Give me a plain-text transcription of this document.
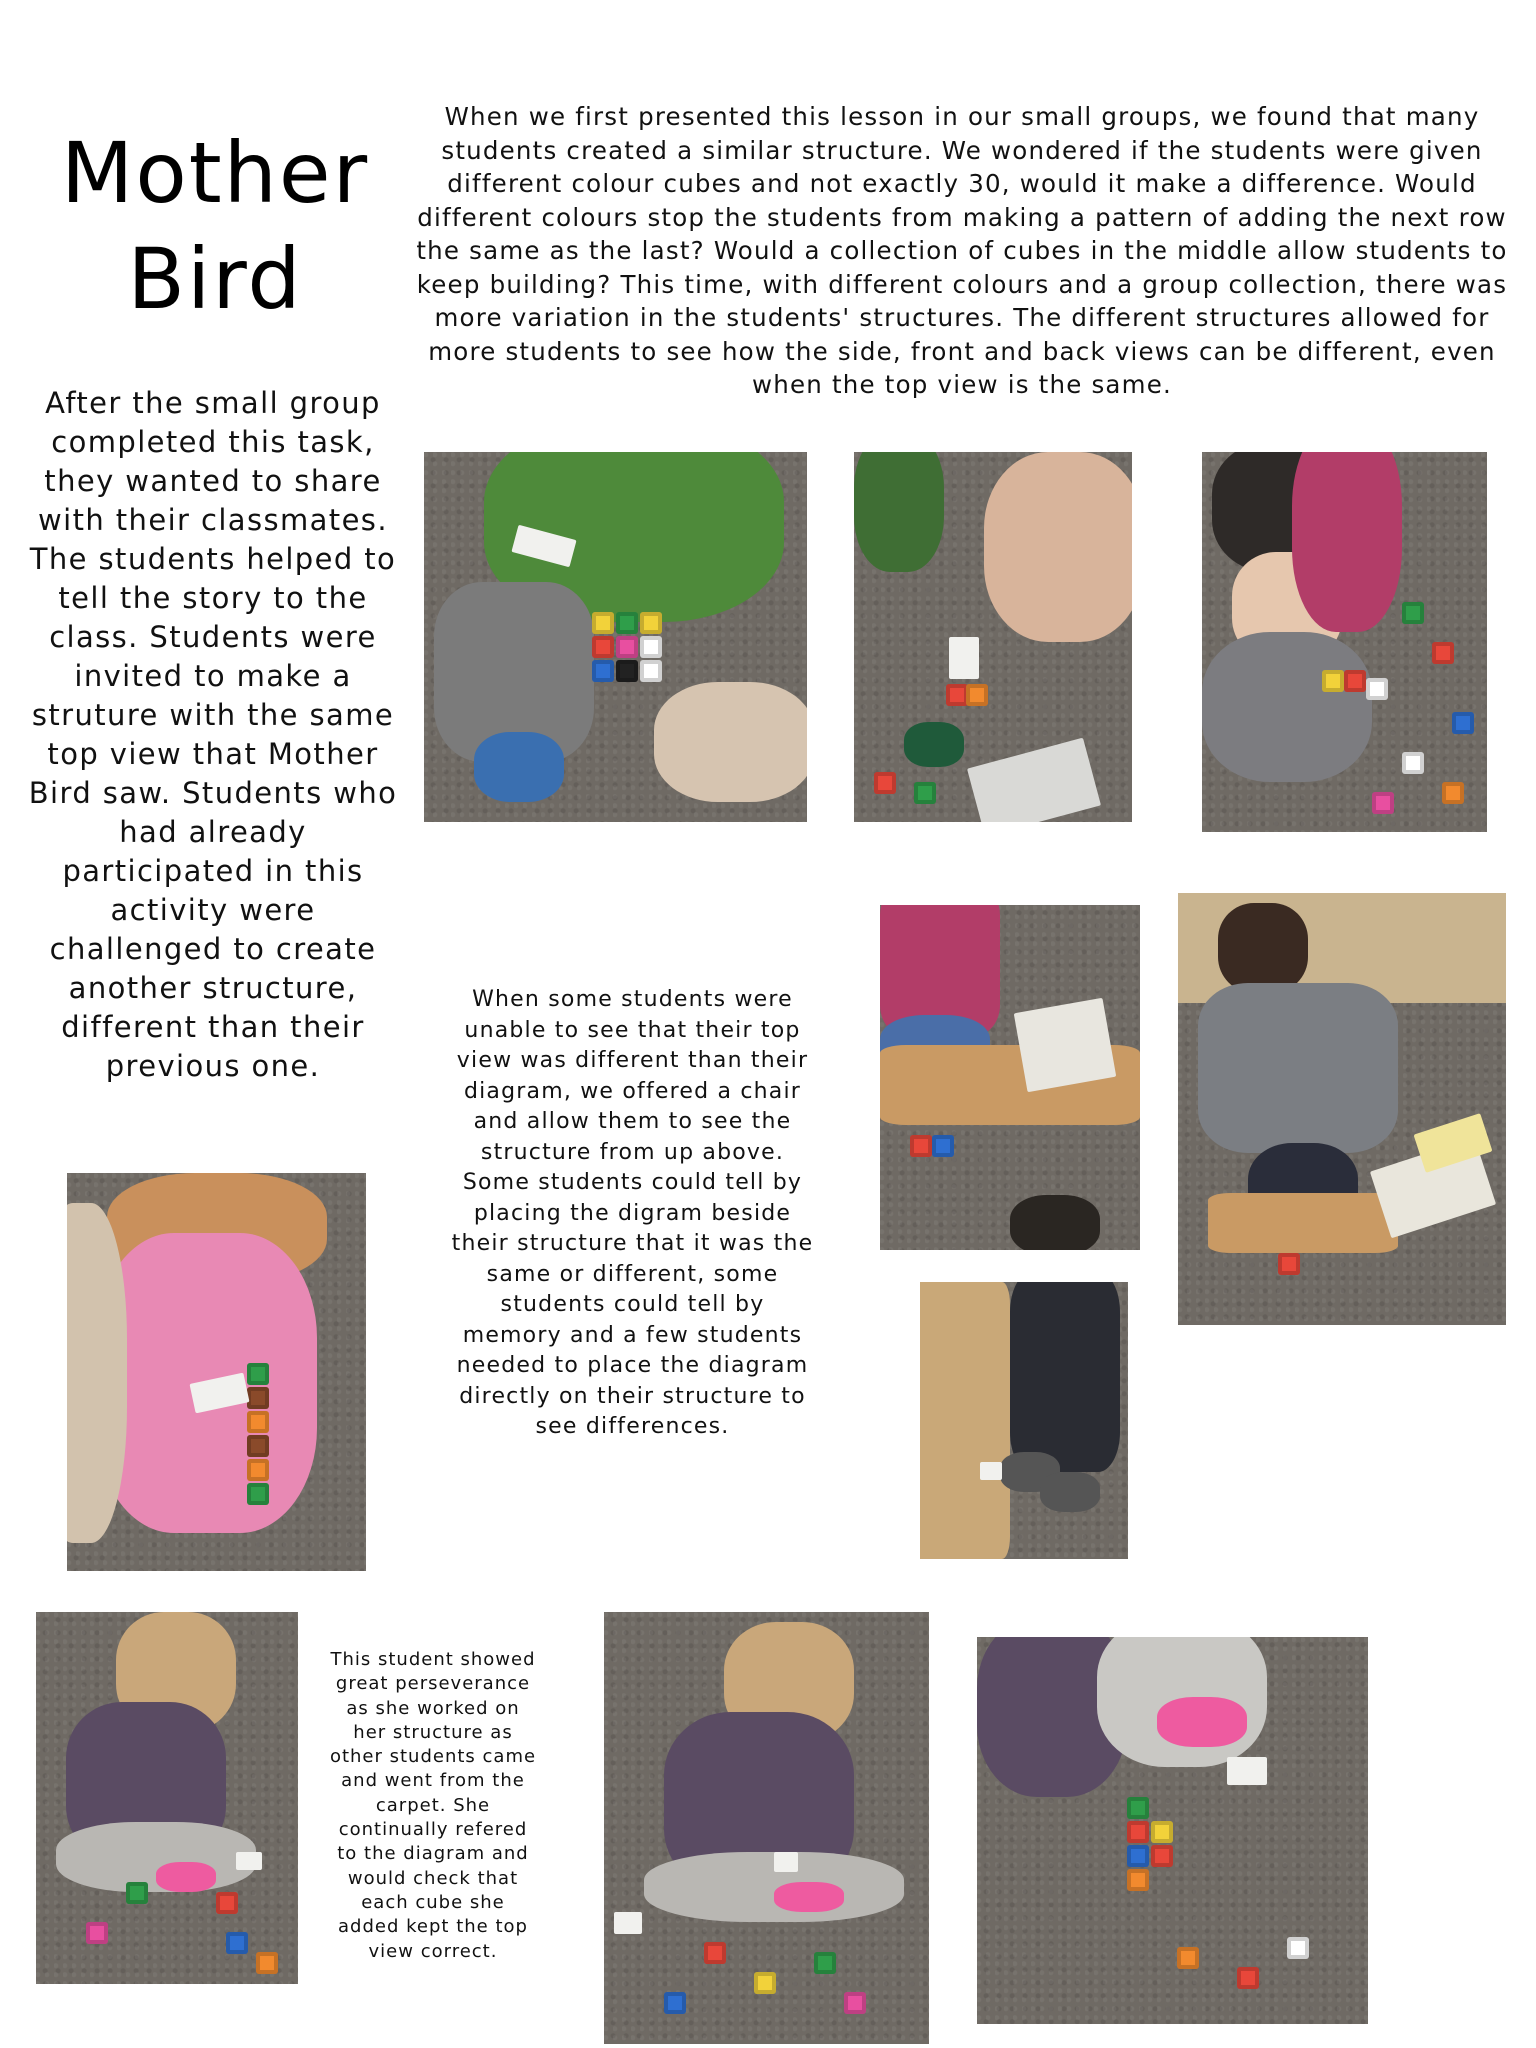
Mother
Bird

When we first presented this lesson in our small groups, we found that many students created a similar structure. We wondered if the students were given different colour cubes and not exactly 30, would it make a difference. Would different colours stop the students from making a pattern of adding the next row the same as the last? Would a collection of cubes in the middle allow students to keep building? This time, with different colours and a group collection, there was more variation in the students' structures. The different structures allowed for more students to see how the side, front and back views can be different, even when the top view is the same.

After the small group completed this task, they wanted to share with their classmates. The students helped to tell the story to the class. Students were invited to make a struture with the same top view that Mother Bird saw. Students who had already participated in this activity were challenged to create another structure, different than their previous one.

When some students were unable to see that their top view was different than their diagram, we offered a chair and allow them to see the structure from up above. Some students could tell by placing the digram beside their structure that it was the same or different, some students could tell by memory and a few students needed to place the diagram directly on their structure to see differences.

This student showed great perseverance as she worked on her structure as other students came and went from the carpet. She continually refered to the diagram and would check that each cube she added kept the top view correct.
